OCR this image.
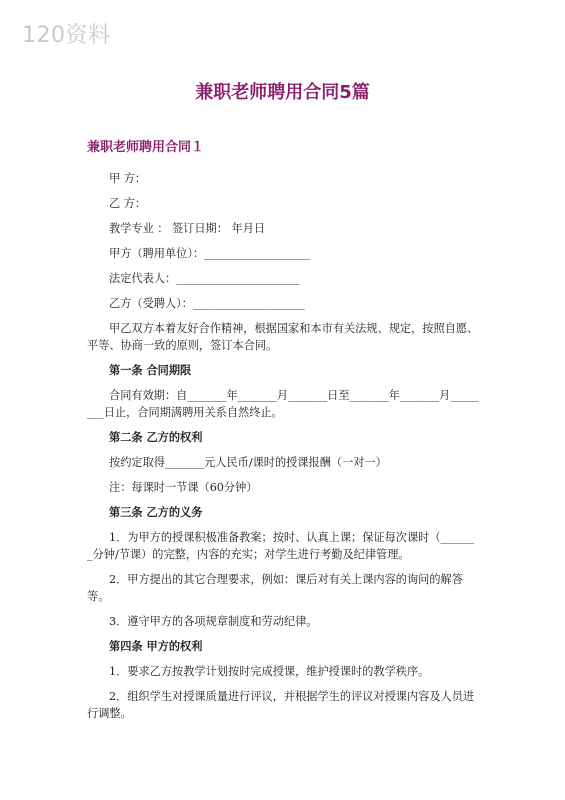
120资料
兼职老师聘用合同5篇
兼职老师聘用合同１
甲 方：
乙 方：
教学专业 ： 签订日期： 年月日
甲方（聘用单位）：___________________
法定代表人：______________________
乙方（受聘人）：____________________
甲乙双方本着友好合作精神，根据国家和本市有关法规、规定，按照自愿、平等、协商一致的原则，签订本合同。
第一条 合同期限
合同有效期：自_______年_______月_______日至_______年_______月_____ ___日止，合同期满聘用关系自然终止。
第二条 乙方的权利
按约定取得_______元人民币/课时的授课报酬（一对一）
注：每课时一节课（60分钟）
第三条 乙方的义务
1．为甲方的授课积极准备教案；按时、认真上课；保证每次课时（______ _分钟/节课）的完整，内容的充实；对学生进行考勤及纪律管理。
2．甲方提出的其它合理要求，例如：课后对有关上课内容的询问的解答等。
3．遵守甲方的各项规章制度和劳动纪律。
第四条 甲方的权利
1．要求乙方按教学计划按时完成授课，维护授课时的教学秩序。
2．组织学生对授课质量进行评议，并根据学生的评议对授课内容及人员进行调整。
